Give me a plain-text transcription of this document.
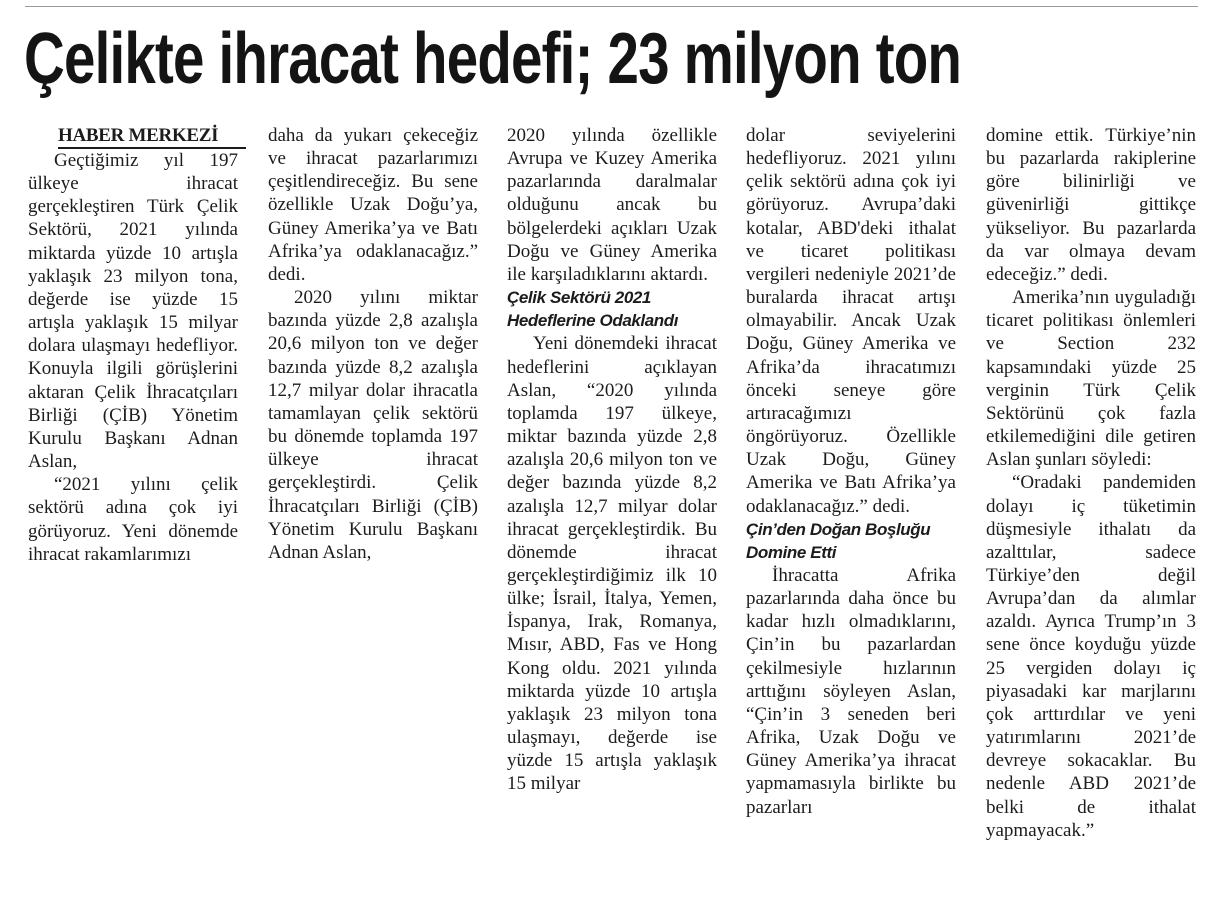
Çelikte ihracat hedefi; 23 milyon ton
HABER MERKEZİ

Geçtiğimiz yıl 197 ülkeye ihracat gerçekleştiren Türk Çelik Sektörü, 2021 yılında miktarda yüzde 10 artışla yaklaşık 23 milyon tona, değerde ise yüzde 15 artışla yaklaşık 15 milyar dolara ulaşmayı hedefliyor. Konuyla ilgili görüşlerini aktaran Çelik İhracatçıları Birliği (ÇİB) Yönetim Kurulu Başkanı Adnan Aslan,

“2021 yılını çelik sektörü adına çok iyi görüyoruz. Yeni dönemde ihracat rakamlarımızı

daha da yukarı çekeceğiz ve ihracat pazarlarımızı çeşitlendireceğiz. Bu sene özellikle Uzak Doğu’ya, Güney Amerika’ya ve Batı Afrika’ya odaklanacağız.” dedi.

2020 yılını miktar bazında yüzde 2,8 azalışla 20,6 milyon ton ve değer bazında yüzde 8,2 azalışla 12,7 milyar dolar ihracatla tamamlayan çelik sektörü bu dönemde toplamda 197 ülkeye ihracat gerçekleştirdi. Çelik İhracatçıları Birliği (ÇİB) Yönetim Kurulu Başkanı Adnan Aslan,

2020 yılında özellikle Avrupa ve Kuzey Amerika pazarlarında daralmalar olduğunu ancak bu bölgelerdeki açıkları Uzak Doğu ve Güney Amerika ile karşıladıklarını aktardı.

Çelik Sektörü 2021 Hedeflerine Odaklandı

Yeni dönemdeki ihracat hedeflerini açıklayan Aslan, “2020 yılında toplamda 197 ülkeye, miktar bazında yüzde 2,8 azalışla 20,6 milyon ton ve değer bazında yüzde 8,2 azalışla 12,7 milyar dolar ihracat gerçekleştirdik. Bu dönemde ihracat gerçekleştirdiğimiz ilk 10 ülke; İsrail, İtalya, Yemen, İspanya, Irak, Romanya, Mısır, ABD, Fas ve Hong Kong oldu. 2021 yılında miktarda yüzde 10 artışla yaklaşık 23 milyon tona ulaşmayı, değerde ise yüzde 15 artışla yaklaşık 15 milyar

dolar seviyelerini hedefliyoruz. 2021 yılını çelik sektörü adına çok iyi görüyoruz. Avrupa’daki kotalar, ABD'deki ithalat ve ticaret politikası vergileri nedeniyle 2021’de buralarda ihracat artışı olmayabilir. Ancak Uzak Doğu, Güney Amerika ve Afrika’da ihracatımızı önceki seneye göre artıracağımızı öngörüyoruz. Özellikle Uzak Doğu, Güney Amerika ve Batı Afrika’ya odaklanacağız.” dedi.

Çin’den Doğan Boşluğu Domine Etti

İhracatta Afrika pazarlarında daha önce bu kadar hızlı olmadıklarını, Çin’in bu pazarlardan çekilmesiyle hızlarının arttığını söyleyen Aslan, “Çin’in 3 seneden beri Afrika, Uzak Doğu ve Güney Amerika’ya ihracat yapmamasıyla birlikte bu pazarları

domine ettik. Türkiye’nin bu pazarlarda rakiplerine göre bilinirliği ve güvenirliği gittikçe yükseliyor. Bu pazarlarda da var olmaya devam edeceğiz.” dedi.

Amerika’nın uyguladığı ticaret politikası önlemleri ve Section 232 kapsamındaki yüzde 25 verginin Türk Çelik Sektörünü çok fazla etkilemediğini dile getiren Aslan şunları söyledi:

“Oradaki pandemiden dolayı iç tüketimin düşmesiyle ithalatı da azalttılar, sadece Türkiye’den değil Avrupa’dan da alımlar azaldı. Ayrıca Trump’ın 3 sene önce koyduğu yüzde 25 vergiden dolayı iç piyasadaki kar marjlarını çok arttırdılar ve yeni yatırımlarını 2021’de devreye sokacaklar. Bu nedenle ABD 2021’de belki de ithalat yapmayacak.”
